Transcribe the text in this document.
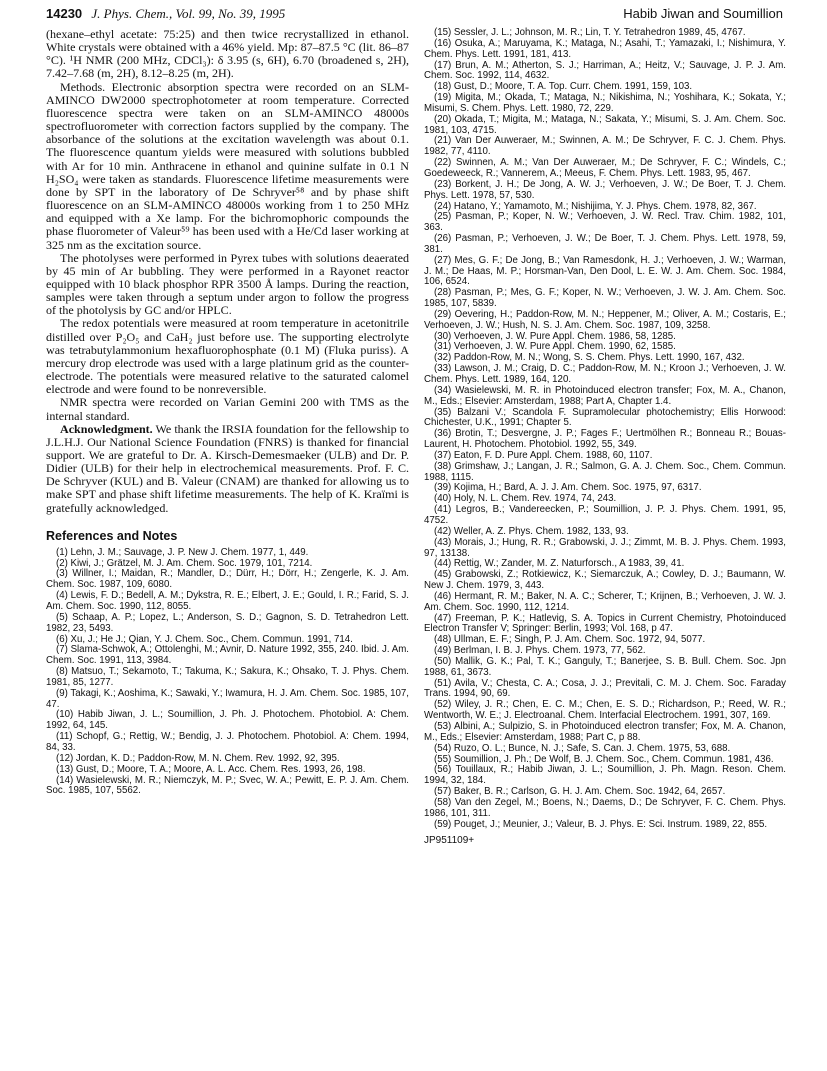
14230 J. Phys. Chem., Vol. 99, No. 39, 1995	Habib Jiwan and Soumillion

(hexane–ethyl acetate: 75:25) and then twice recrystallized in ethanol. White crystals were obtained with a 46% yield. Mp: 87–87.5 °C (lit. 86–87 °C). ¹H NMR (200 MHz, CDCl₃): δ 3.95 (s, 6H), 6.70 (broadened s, 2H), 7.42–7.68 (m, 2H), 8.12–8.25 (m, 2H).

Methods. Electronic absorption spectra were recorded on an SLM-AMINCO DW2000 spectrophotometer at room temperature. Corrected fluorescence spectra were taken on an SLM-AMINCO 48000s spectrofluorometer with correction factors supplied by the company. The absorbance of the solutions at the excitation wavelength was about 0.1. The fluorescence quantum yields were measured with solutions bubbled with Ar for 10 min. Anthracene in ethanol and quinine sulfate in 0.1 N H₂SO₄ were taken as standards. Fluorescence lifetime measurements were done by SPT in the laboratory of De Schryver⁵⁸ and by phase shift fluorescence on an SLM-AMINCO 48000s working from 1 to 250 MHz and equipped with a Xe lamp. For the bichromophoric compounds the phase fluorometer of Valeur⁵⁹ has been used with a He/Cd laser working at 325 nm as the excitation source.

The photolyses were performed in Pyrex tubes with solutions deaerated by 45 min of Ar bubbling. They were performed in a Rayonet reactor equipped with 10 black phosphor RPR 3500 Å lamps. During the reaction, samples were taken through a septum under argon to follow the progress of the photolysis by GC and/or HPLC.

The redox potentials were measured at room temperature in acetonitrile distilled over P₂O₅ and CaH₂ just before use. The supporting electrolyte was tetrabutylammonium hexafluorophosphate (0.1 M) (Fluka puriss). A mercury drop electrode was used with a large platinum grid as the counter-electrode. The potentials were measured relative to the saturated calomel electrode and were found to be nonreversible.

NMR spectra were recorded on Varian Gemini 200 with TMS as the internal standard.

Acknowledgment. We thank the IRSIA foundation for the fellowship to J.L.H.J. Our National Science Foundation (FNRS) is thanked for financial support. We are grateful to Dr. A. Kirsch-Demesmaeker (ULB) and Dr. P. Didier (ULB) for their help in electrochemical measurements. Prof. F. C. De Schryver (KUL) and B. Valeur (CNAM) are thanked for allowing us to make SPT and phase shift lifetime measurements. The help of K. Kraïmi is gratefully acknowledged.

References and Notes

(1) Lehn, J. M.; Sauvage, J. P. New J. Chem. 1977, 1, 449.

(2) Kiwi, J.; Grätzel, M. J. Am. Chem. Soc. 1979, 101, 7214.

(3) Willner, I.; Maidan, R.; Mandler, D.; Dürr, H.; Dörr, H.; Zengerle, K. J. Am. Chem. Soc. 1987, 109, 6080.

(4) Lewis, F. D.; Bedell, A. M.; Dykstra, R. E.; Elbert, J. E.; Gould, I. R.; Farid, S. J. Am. Chem. Soc. 1990, 112, 8055.

(5) Schaap, A. P.; Lopez, L.; Anderson, S. D.; Gagnon, S. D. Tetrahedron Lett. 1982, 23, 5493.

(6) Xu, J.; He J.; Qian, Y. J. Chem. Soc., Chem. Commun. 1991, 714.

(7) Slama-Schwok, A.; Ottolenghi, M.; Avnir, D. Nature 1992, 355, 240. Ibid. J. Am. Chem. Soc. 1991, 113, 3984.

(8) Matsuo, T.; Sekamoto, T.; Takuma, K.; Sakura, K.; Ohsako, T. J. Phys. Chem. 1981, 85, 1277.

(9) Takagi, K.; Aoshima, K.; Sawaki, Y.; Iwamura, H. J. Am. Chem. Soc. 1985, 107, 47.

(10) Habib Jiwan, J. L.; Soumillion, J. Ph. J. Photochem. Photobiol. A: Chem. 1992, 64, 145.

(11) Schopf, G.; Rettig, W.; Bendig, J. J. Photochem. Photobiol. A: Chem. 1994, 84, 33.

(12) Jordan, K. D.; Paddon-Row, M. N. Chem. Rev. 1992, 92, 395.

(13) Gust, D.; Moore, T. A.; Moore, A. L. Acc. Chem. Res. 1993, 26, 198.

(14) Wasielewski, M. R.; Niemczyk, M. P.; Svec, W. A.; Pewitt, E. P. J. Am. Chem. Soc. 1985, 107, 5562.

(15) Sessler, J. L.; Johnson, M. R.; Lin, T. Y. Tetrahedron 1989, 45, 4767.

(16) Osuka, A.; Maruyama, K.; Mataga, N.; Asahi, T.; Yamazaki, I.; Nishimura, Y. Chem. Phys. Lett. 1991, 181, 413.

(17) Brun, A. M.; Atherton, S. J.; Harriman, A.; Heitz, V.; Sauvage, J. P. J. Am. Chem. Soc. 1992, 114, 4632.

(18) Gust, D.; Moore, T. A. Top. Curr. Chem. 1991, 159, 103.

(19) Migita, M.; Okada, T.; Mataga, N.; Nikishima, N.; Yoshihara, K.; Sokata, Y.; Misumi, S. Chem. Phys. Lett. 1980, 72, 229.

(20) Okada, T.; Migita, M.; Mataga, N.; Sakata, Y.; Misumi, S. J. Am. Chem. Soc. 1981, 103, 4715.

(21) Van Der Auweraer, M.; Swinnen, A. M.; De Schryver, F. C. J. Chem. Phys. 1982, 77, 4110.

(22) Swinnen, A. M.; Van Der Auweraer, M.; De Schryver, F. C.; Windels, C.; Goedeweeck, R.; Vannerem, A.; Meeus, F. Chem. Phys. Lett. 1983, 95, 467.

(23) Borkent, J. H.; De Jong, A. W. J.; Verhoeven, J. W.; De Boer, T. J. Chem. Phys. Lett. 1978, 57, 530.

(24) Hatano, Y.; Yamamoto, M.; Nishijima, Y. J. Phys. Chem. 1978, 82, 367.

(25) Pasman, P.; Koper, N. W.; Verhoeven, J. W. Recl. Trav. Chim. 1982, 101, 363.

(26) Pasman, P.; Verhoeven, J. W.; De Boer, T. J. Chem. Phys. Lett. 1978, 59, 381.

(27) Mes, G. F.; De Jong, B.; Van Ramesdonk, H. J.; Verhoeven, J. W.; Warman, J. M.; De Haas, M. P.; Horsman-Van, Den Dool, L. E. W. J. Am. Chem. Soc. 1984, 106, 6524.

(28) Pasman, P.; Mes, G. F.; Koper, N. W.; Verhoeven, J. W. J. Am. Chem. Soc. 1985, 107, 5839.

(29) Oevering, H.; Paddon-Row, M. N.; Heppener, M.; Oliver, A. M.; Costaris, E.; Verhoeven, J. W.; Hush, N. S. J. Am. Chem. Soc. 1987, 109, 3258.

(30) Verhoeven, J. W. Pure Appl. Chem. 1986, 58, 1285.

(31) Verhoeven, J. W. Pure Appl. Chem. 1990, 62, 1585.

(32) Paddon-Row, M. N.; Wong, S. S. Chem. Phys. Lett. 1990, 167, 432.

(33) Lawson, J. M.; Craig, D. C.; Paddon-Row, M. N.; Kroon J.; Verhoeven, J. W. Chem. Phys. Lett. 1989, 164, 120.

(34) Wasielewski, M. R. in Photoinduced electron transfer; Fox, M. A., Chanon, M., Eds.; Elsevier: Amsterdam, 1988; Part A, Chapter 1.4.

(35) Balzani V.; Scandola F. Supramolecular photochemistry; Ellis Horwood: Chichester, U.K., 1991; Chapter 5.

(36) Brotin, T.; Desvergne, J. P.; Fages F.; Uertmölhen R.; Bonneau R.; Bouas-Laurent, H. Photochem. Photobiol. 1992, 55, 349.

(37) Eaton, F. D. Pure Appl. Chem. 1988, 60, 1107.

(38) Grimshaw, J.; Langan, J. R.; Salmon, G. A. J. Chem. Soc., Chem. Commun. 1988, 1115.

(39) Kojima, H.; Bard, A. J. J. Am. Chem. Soc. 1975, 97, 6317.

(40) Holy, N. L. Chem. Rev. 1974, 74, 243.

(41) Legros, B.; Vandereecken, P.; Soumillion, J. P. J. Phys. Chem. 1991, 95, 4752.

(42) Weller, A. Z. Phys. Chem. 1982, 133, 93.

(43) Morais, J.; Hung, R. R.; Grabowski, J. J.; Zimmt, M. B. J. Phys. Chem. 1993, 97, 13138.

(44) Rettig, W.; Zander, M. Z. Naturforsch., A 1983, 39, 41.

(45) Grabowski, Z.; Rotkiewicz, K.; Siemarczuk, A.; Cowley, D. J.; Baumann, W. New J. Chem. 1979, 3, 443.

(46) Hermant, R. M.; Baker, N. A. C.; Scherer, T.; Krijnen, B.; Verhoeven, J. W. J. Am. Chem. Soc. 1990, 112, 1214.

(47) Freeman, P. K.; Hatlevig, S. A. Topics in Current Chemistry, Photoinduced Electron Transfer V; Springer: Berlin, 1993; Vol. 168, p 47.

(48) Ullman, E. F.; Singh, P. J. Am. Chem. Soc. 1972, 94, 5077.

(49) Berlman, I. B. J. Phys. Chem. 1973, 77, 562.

(50) Mallik, G. K.; Pal, T. K.; Ganguly, T.; Banerjee, S. B. Bull. Chem. Soc. Jpn 1988, 61, 3673.

(51) Avila, V.; Chesta, C. A.; Cosa, J. J.; Previtali, C. M. J. Chem. Soc. Faraday Trans. 1994, 90, 69.

(52) Wiley, J. R.; Chen, E. C. M.; Chen, E. S. D.; Richardson, P.; Reed, W. R.; Wentworth, W. E.; J. Electroanal. Chem. Interfacial Electrochem. 1991, 307, 169.

(53) Albini, A.; Sulpizio, S. in Photoinduced electron transfer; Fox, M. A. Chanon, M., Eds.; Elsevier: Amsterdam, 1988; Part C, p 88.

(54) Ruzo, O. L.; Bunce, N. J.; Safe, S. Can. J. Chem. 1975, 53, 688.

(55) Soumillion, J. Ph.; De Wolf, B. J. Chem. Soc., Chem. Commun. 1981, 436.

(56) Touillaux, R.; Habib Jiwan, J. L.; Soumillion, J. Ph. Magn. Reson. Chem. 1994, 32, 184.

(57) Baker, B. R.; Carlson, G. H. J. Am. Chem. Soc. 1942, 64, 2657.

(58) Van den Zegel, M.; Boens, N.; Daems, D.; De Schryver, F. C. Chem. Phys. 1986, 101, 311.

(59) Pouget, J.; Meunier, J.; Valeur, B. J. Phys. E: Sci. Instrum. 1989, 22, 855.

JP951109+
